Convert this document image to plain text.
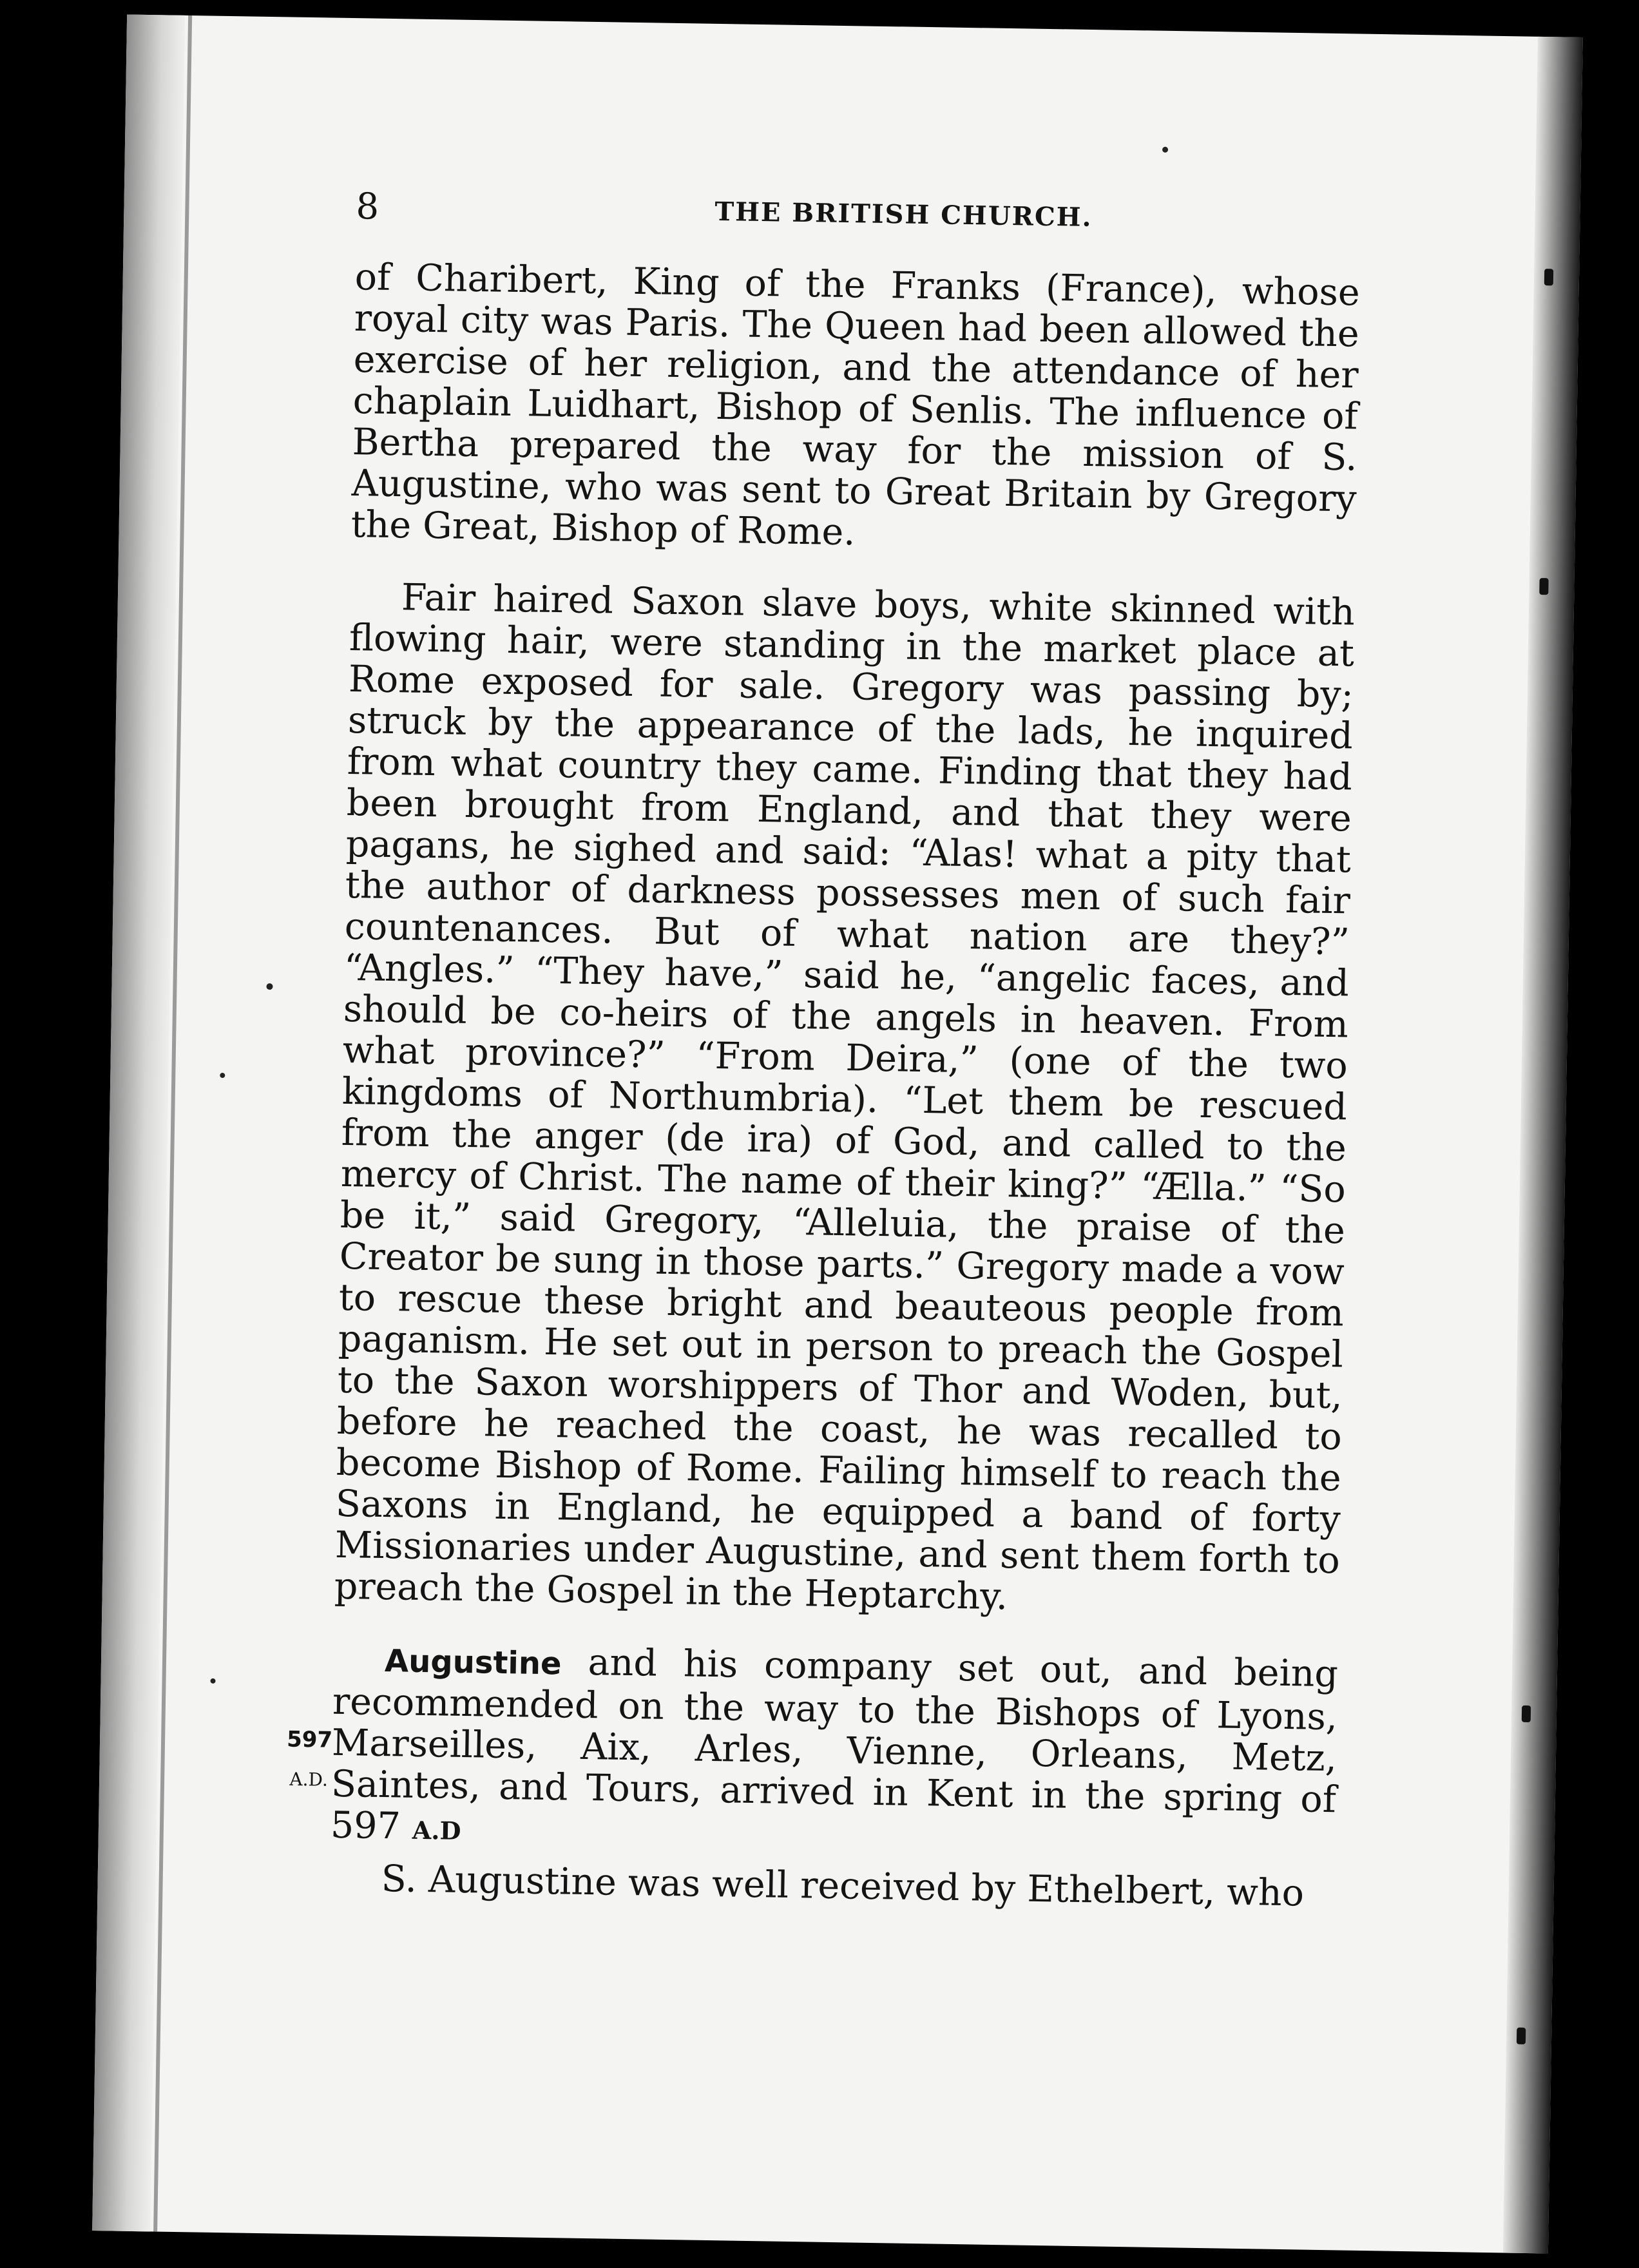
8	THE BRITISH CHURCH.

of Charibert, King of the Franks (France), whose royal city was Paris. The Queen had been allowed the exercise of her religion, and the attendance of her chaplain Luidhart, Bishop of Senlis. The influence of Bertha prepared the way for the mission of S. Augustine, who was sent to Great Britain by Gregory the Great, Bishop of Rome.

Fair haired Saxon slave boys, white skinned with flowing hair, were standing in the market place at Rome exposed for sale. Gregory was passing by; struck by the appearance of the lads, he inquired from what country they came. Finding that they had been brought from England, and that they were pagans, he sighed and said: “Alas! what a pity that the author of darkness possesses men of such fair countenances. But of what nation are they?” “Angles.” “They have,” said he, “angelic faces, and should be co-heirs of the angels in heaven. From what province?” “From Deira,” (one of the two kingdoms of Northumbria). “Let them be rescued from the anger (de ira) of God, and called to the mercy of Christ. The name of their king?” “Ælla.” “So be it,” said Gregory, “Alleluia, the praise of the Creator be sung in those parts.” Gregory made a vow to rescue these bright and beauteous people from paganism. He set out in person to preach the Gospel to the Saxon worshippers of Thor and Woden, but, before he reached the coast, he was recalled to become Bishop of Rome. Failing himself to reach the Saxons in England, he equipped a band of forty Missionaries under Augustine, and sent them forth to preach the Gospel in the Heptarchy.

597
A.D.

Augustine and his company set out, and being recommended on the way to the Bishops of Lyons, Marseilles, Aix, Arles, Vienne, Orleans, Metz, Saintes, and Tours, arrived in Kent in the spring of 597 A.D

S. Augustine was well received by Ethelbert, who
